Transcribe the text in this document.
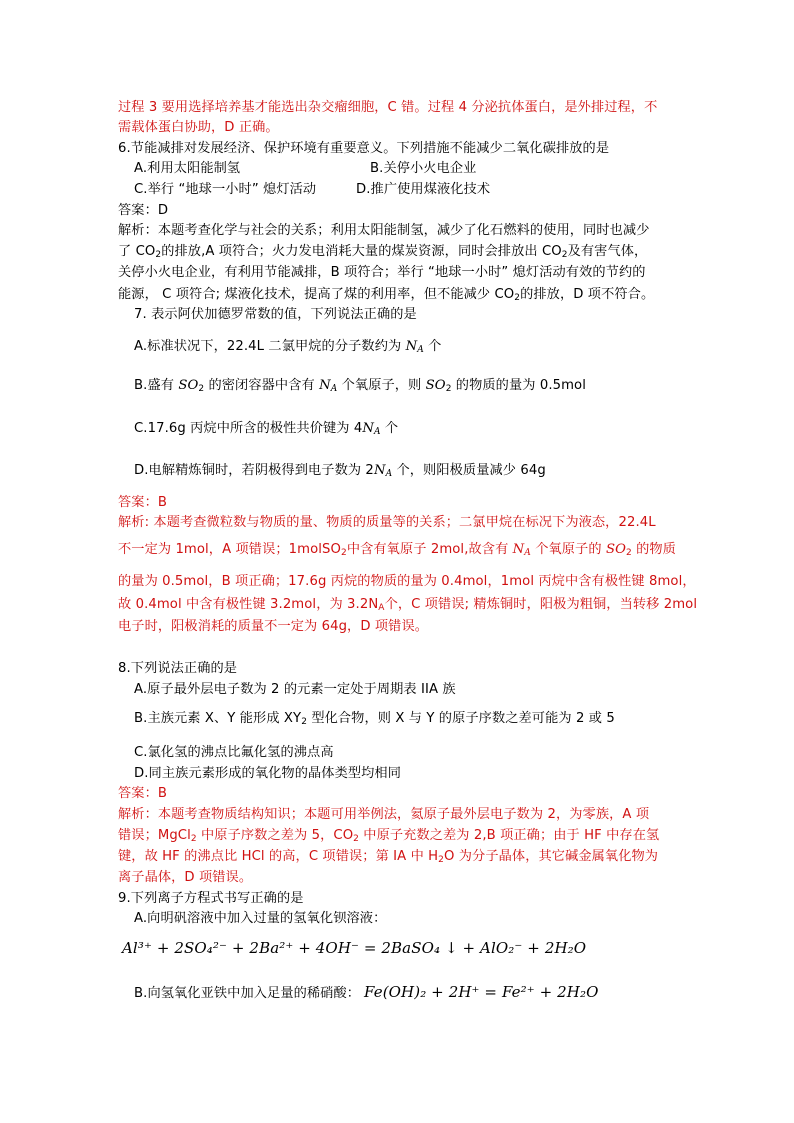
过程 3 要用选择培养基才能选出杂交瘤细胞，C 错。过程 4 分泌抗体蛋白，是外排过程，不
需载体蛋白协助，D 正确。
6.节能减排对发展经济、保护环境有重要意义。下列措施不能减少二氧化碳排放的是
A.利用太阳能制氢	B.关停小火电企业
C.举行 “地球一小时” 熄灯活动	D.推广使用煤液化技术
答案：D
解析：本题考查化学与社会的关系；利用太阳能制氢，减少了化石燃料的使用，同时也减少
了 $CO_2$的排放,A 项符合；火力发电消耗大量的煤炭资源，同时会排放出 $CO_2$及有害气体，
关停小火电企业，有利用节能减排，B 项符合；举行 “地球一小时” 熄灯活动有效的节约的
能源， C 项符合; 煤液化技术，提高了煤的利用率，但不能减少 $CO_2$的排放，D 项不符合。
7. 表示阿伏加德罗常数的值，下列说法正确的是
A.标准状况下，22.4L 二氯甲烷的分子数约为 $N_A$ 个
B.盛有 $SO_2$ 的密闭容器中含有 $N_A$ 个氧原子，则 $SO_2$ 的物质的量为 0.5mol
C.17.6g 丙烷中所含的极性共价键为 $4N_A$ 个
D.电解精炼铜时，若阴极得到电子数为 $2N_A$ 个，则阳极质量减少 64g
答案：B
解析: 本题考查微粒数与物质的量、物质的质量等的关系；二氯甲烷在标况下为液态，22.4L
不一定为 1mol，A 项错误；1molSO$_2$中含有氧原子 2mol,故含有 $N_A$ 个氧原子的 $SO_2$ 的物质
的量为 0.5mol，B 项正确；17.6g 丙烷的物质的量为 0.4mol，1mol 丙烷中含有极性键 8mol，
故 0.4mol 中含有极性键 3.2mol，为 $3.2N_A$个，C 项错误; 精炼铜时，阳极为粗铜，当转移 2mol
电子时，阳极消耗的质量不一定为 64g，D 项错误。
8.下列说法正确的是
A.原子最外层电子数为 2 的元素一定处于周期表 IIA 族
B.主族元素 X、Y 能形成 $XY_2$ 型化合物，则 X 与 Y 的原子序数之差可能为 2 或 5
C.氯化氢的沸点比氟化氢的沸点高
D.同主族元素形成的氧化物的晶体类型均相同
答案：B
解析：本题考查物质结构知识；本题可用举例法，氦原子最外层电子数为 2，为零族，A 项
错误；MgCl$_2$ 中原子序数之差为 5，$CO_2$ 中原子充数之差为 2,B 项正确；由于 HF 中存在氢
键，故 HF 的沸点比 HCl 的高，C 项错误；第 IA 中 $H_2O$ 为分子晶体，其它碱金属氧化物为
离子晶体，D 项错误。
9.下列离子方程式书写正确的是
A.向明矾溶液中加入过量的氢氧化钡溶液：
Al³⁺ + 2SO₄²⁻ + 2Ba²⁺ + 4OH⁻ = 2BaSO₄ ↓ + AlO₂⁻ + 2H₂O
B.向氢氧化亚铁中加入足量的稀硝酸： Fe(OH)₂ + 2H⁺ = Fe²⁺ + 2H₂O
